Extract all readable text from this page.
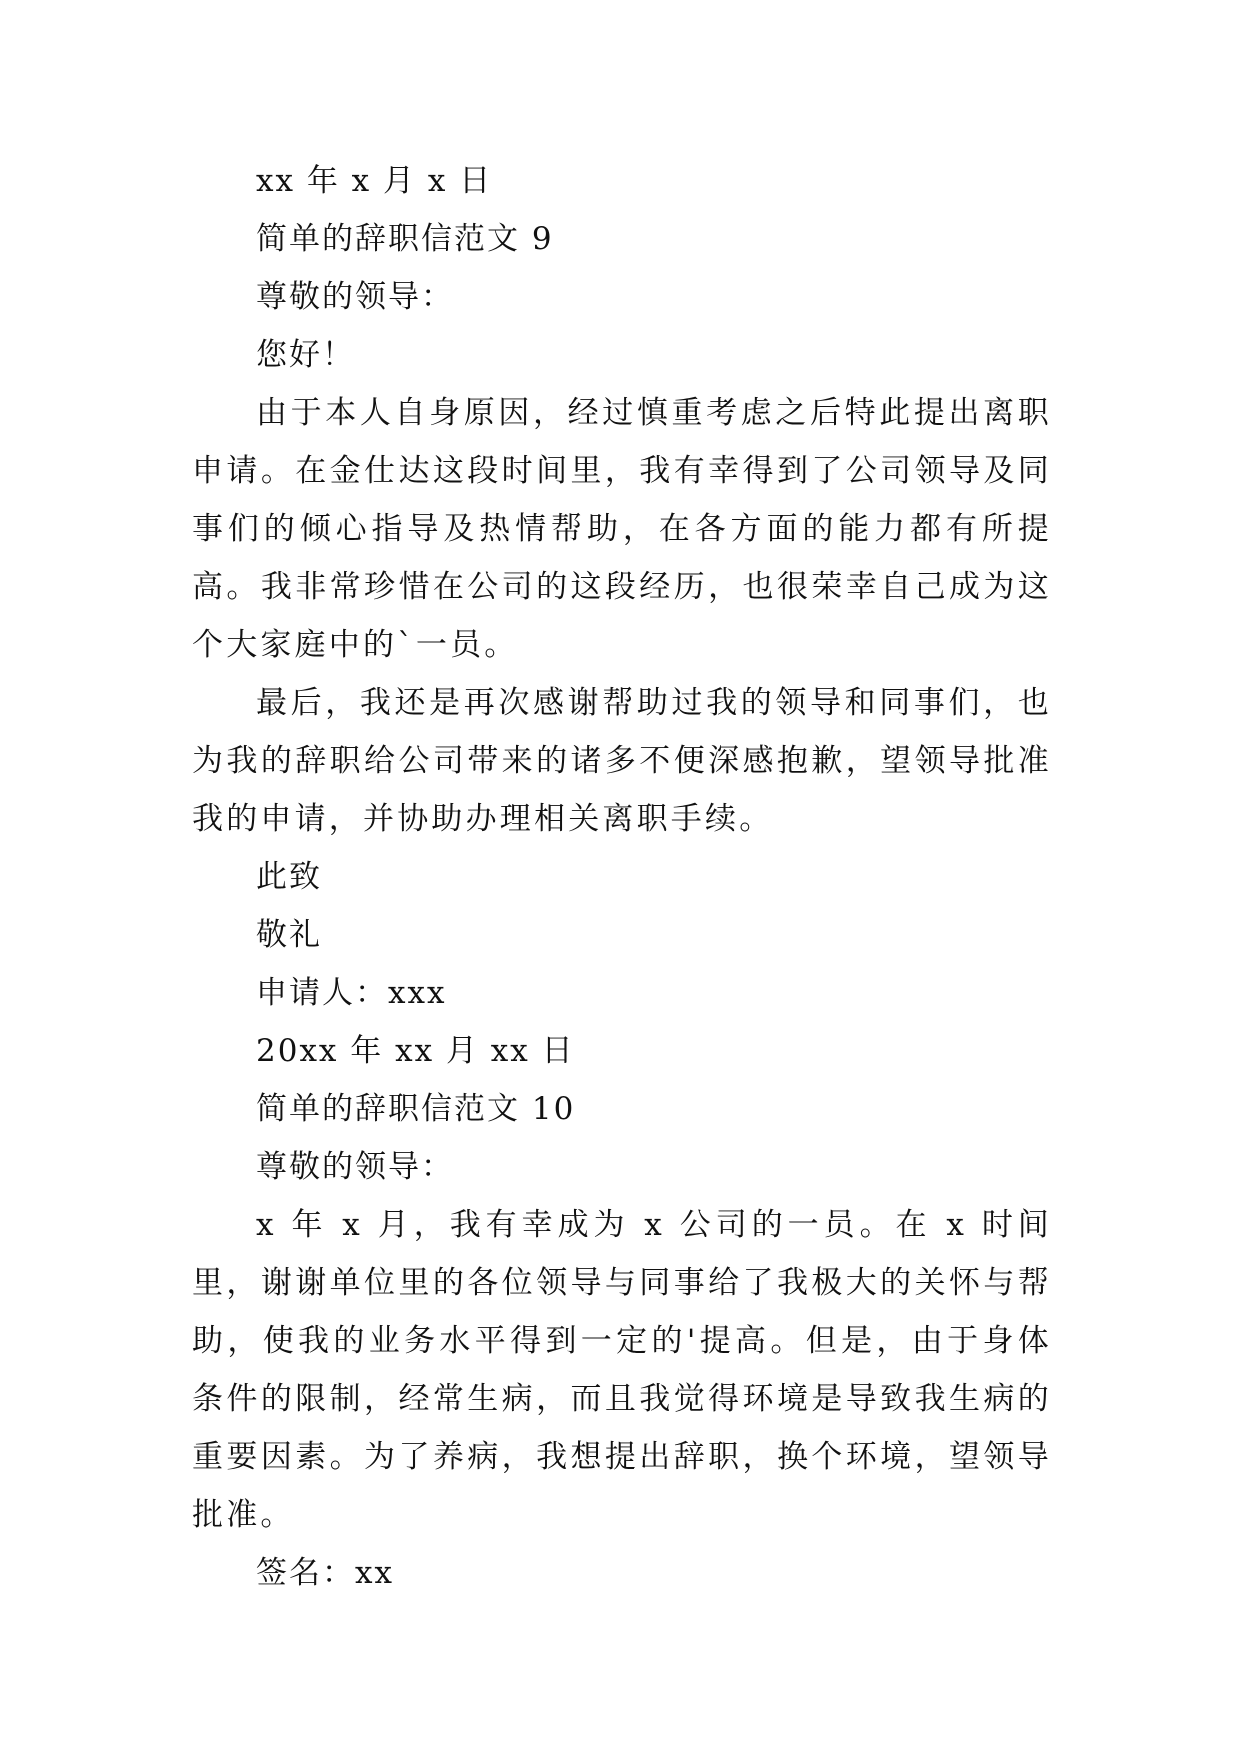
xx 年 x 月 x 日
简单的辞职信范文 9
尊敬的领导：
您好！
由于本人自身原因，经过慎重考虑之后特此提出离职申请。在金仕达这段时间里，我有幸得到了公司领导及同事们的倾心指导及热情帮助，在各方面的能力都有所提高。我非常珍惜在公司的这段经历，也很荣幸自己成为这个大家庭中的`一员。
最后，我还是再次感谢帮助过我的领导和同事们，也为我的辞职给公司带来的诸多不便深感抱歉，望领导批准我的申请，并协助办理相关离职手续。
此致
敬礼
申请人：xxx
20xx 年 xx 月 xx 日
简单的辞职信范文 10
尊敬的领导：
x 年 x 月，我有幸成为 x 公司的一员。在 x 时间里，谢谢单位里的各位领导与同事给了我极大的关怀与帮助，使我的业务水平得到一定的'提高。但是，由于身体条件的限制，经常生病，而且我觉得环境是导致我生病的重要因素。为了养病，我想提出辞职，换个环境，望领导批准。
签名：xx
